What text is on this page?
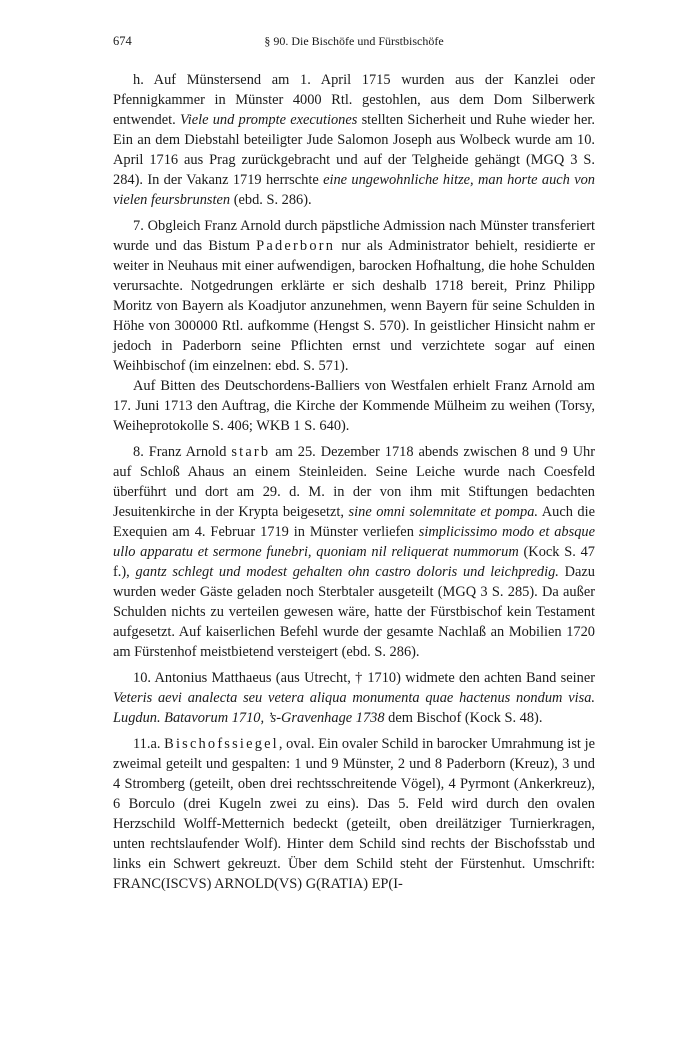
674	§ 90. Die Bischöfe und Fürstbischöfe

h. Auf Münstersend am 1. April 1715 wurden aus der Kanzlei oder Pfennigkammer in Münster 4000 Rtl. gestohlen, aus dem Dom Silberwerk entwendet. Viele und prompte executiones stellten Sicherheit und Ruhe wieder her. Ein an dem Diebstahl beteiligter Jude Salomon Joseph aus Wolbeck wurde am 10. April 1716 aus Prag zurückgebracht und auf der Telgheide gehängt (MGQ 3 S. 284). In der Vakanz 1719 herrschte eine ungewohnliche hitze, man horte auch von vielen feursbrunsten (ebd. S. 286).

7. Obgleich Franz Arnold durch päpstliche Admission nach Münster transferiert wurde und das Bistum Paderborn nur als Administrator behielt, residierte er weiter in Neuhaus mit einer aufwendigen, barocken Hofhaltung, die hohe Schulden verursachte. Notgedrungen erklärte er sich deshalb 1718 bereit, Prinz Philipp Moritz von Bayern als Koadjutor anzunehmen, wenn Bayern für seine Schulden in Höhe von 300000 Rtl. aufkomme (Hengst S. 570). In geistlicher Hinsicht nahm er jedoch in Paderborn seine Pflichten ernst und verzichtete sogar auf einen Weihbischof (im einzelnen: ebd. S. 571).

Auf Bitten des Deutschordens-Balliers von Westfalen erhielt Franz Arnold am 17. Juni 1713 den Auftrag, die Kirche der Kommende Mülheim zu weihen (Torsy, Weiheprotokolle S. 406; WKB 1 S. 640).

8. Franz Arnold starb am 25. Dezember 1718 abends zwischen 8 und 9 Uhr auf Schloß Ahaus an einem Steinleiden. Seine Leiche wurde nach Coesfeld überführt und dort am 29. d. M. in der von ihm mit Stiftungen bedachten Jesuitenkirche in der Krypta beigesetzt, sine omni solemnitate et pompa. Auch die Exequien am 4. Februar 1719 in Münster verliefen simplicissimo modo et absque ullo apparatu et sermone funebri, quoniam nil reliquerat nummorum (Kock S. 47 f.), gantz schlegt und modest gehalten ohn castro doloris und leichpredig. Dazu wurden weder Gäste geladen noch Sterbtaler ausgeteilt (MGQ 3 S. 285). Da außer Schulden nichts zu verteilen gewesen wäre, hatte der Fürstbischof kein Testament aufgesetzt. Auf kaiserlichen Befehl wurde der gesamte Nachlaß an Mobilien 1720 am Fürstenhof meistbietend versteigert (ebd. S. 286).

10. Antonius Matthaeus (aus Utrecht, † 1710) widmete den achten Band seiner Veteris aevi analecta seu vetera aliqua monumenta quae hactenus nondum visa. Lugdun. Batavorum 1710, ’s-Gravenhage 1738 dem Bischof (Kock S. 48).

11.a. Bischofssiegel, oval. Ein ovaler Schild in barocker Umrahmung ist je zweimal geteilt und gespalten: 1 und 9 Münster, 2 und 8 Paderborn (Kreuz), 3 und 4 Stromberg (geteilt, oben drei rechtsschreitende Vögel), 4 Pyrmont (Ankerkreuz), 6 Borculo (drei Kugeln zwei zu eins). Das 5. Feld wird durch den ovalen Herzschild Wolff-Metternich bedeckt (geteilt, oben dreilätziger Turnierkragen, unten rechtslaufender Wolf). Hinter dem Schild sind rechts der Bischofsstab und links ein Schwert gekreuzt. Über dem Schild steht der Fürstenhut. Umschrift: FRANC(ISCVS) ARNOLD(VS) G(RATIA) EP(I-
